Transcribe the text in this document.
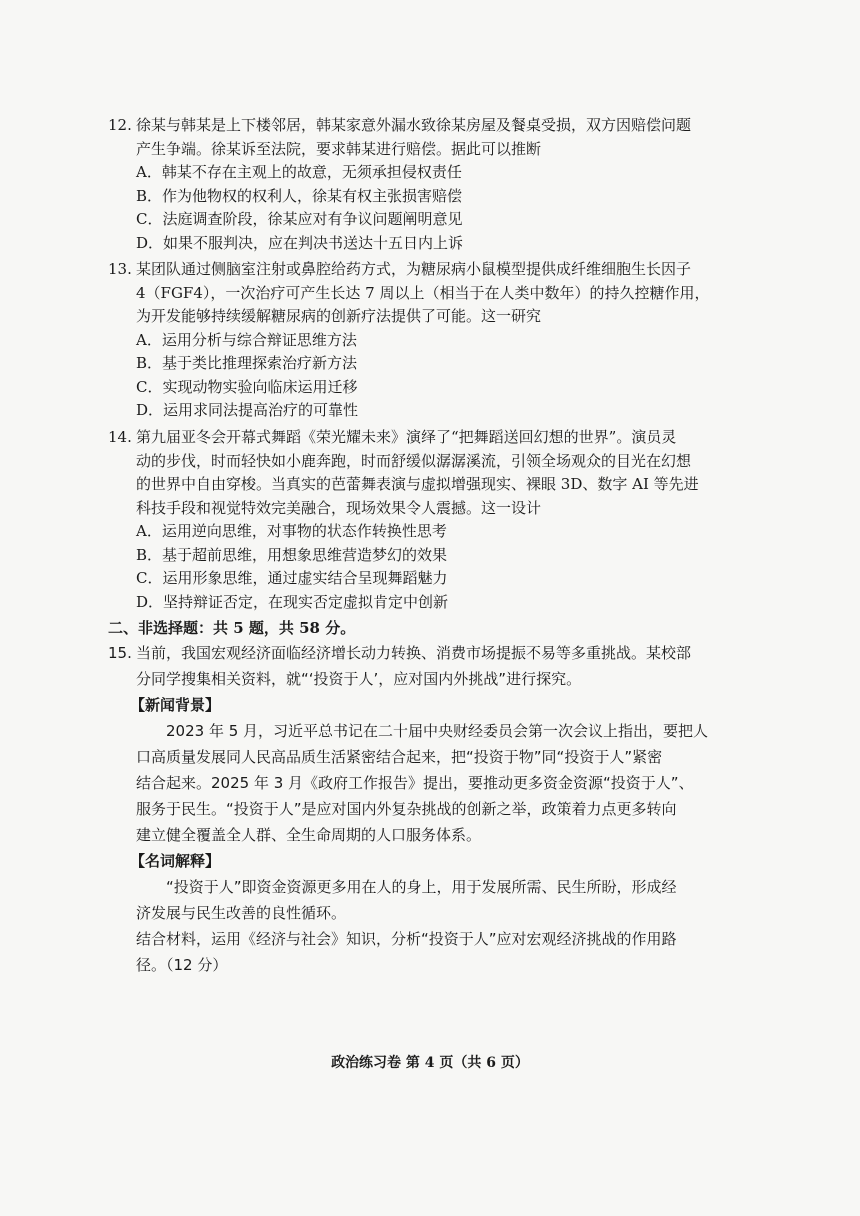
12. 徐某与韩某是上下楼邻居，韩某家意外漏水致徐某房屋及餐桌受损，双方因赔偿问题

产生争端。徐某诉至法院，要求韩某进行赔偿。据此可以推断

A．韩某不存在主观上的故意，无须承担侵权责任

B．作为他物权的权利人，徐某有权主张损害赔偿

C．法庭调查阶段，徐某应对有争议问题阐明意见

D．如果不服判决，应在判决书送达十五日内上诉

13. 某团队通过侧脑室注射或鼻腔给药方式，为糖尿病小鼠模型提供成纤维细胞生长因子

4（FGF4），一次治疗可产生长达 7 周以上（相当于在人类中数年）的持久控糖作用，

为开发能够持续缓解糖尿病的创新疗法提供了可能。这一研究

A．运用分析与综合辩证思维方法

B．基于类比推理探索治疗新方法

C．实现动物实验向临床运用迁移

D．运用求同法提高治疗的可靠性

14. 第九届亚冬会开幕式舞蹈《荣光耀未来》演绎了“把舞蹈送回幻想的世界”。演员灵

动的步伐，时而轻快如小鹿奔跑，时而舒缓似潺潺溪流，引领全场观众的目光在幻想

的世界中自由穿梭。当真实的芭蕾舞表演与虚拟增强现实、裸眼 3D、数字 AI 等先进

科技手段和视觉特效完美融合，现场效果令人震撼。这一设计

A．运用逆向思维，对事物的状态作转换性思考

B．基于超前思维，用想象思维营造梦幻的效果

C．运用形象思维，通过虚实结合呈现舞蹈魅力

D．坚持辩证否定，在现实否定虚拟肯定中创新

二、非选择题：共 5 题，共 58 分。

15. 当前，我国宏观经济面临经济增长动力转换、消费市场提振不易等多重挑战。某校部

分同学搜集相关资料，就“‘投资于人’，应对国内外挑战”进行探究。

【新闻背景】

2023 年 5 月，习近平总书记在二十届中央财经委员会第一次会议上指出，要把人

口高质量发展同人民高品质生活紧密结合起来，把“投资于物”同“投资于人”紧密

结合起来。2025 年 3 月《政府工作报告》提出，要推动更多资金资源“投资于人”、

服务于民生。“投资于人”是应对国内外复杂挑战的创新之举，政策着力点更多转向

建立健全覆盖全人群、全生命周期的人口服务体系。

【名词解释】

“投资于人”即资金资源更多用在人的身上，用于发展所需、民生所盼，形成经

济发展与民生改善的良性循环。

结合材料，运用《经济与社会》知识，分析“投资于人”应对宏观经济挑战的作用路

径。（12 分）

政治练习卷 第 4 页（共 6 页）
